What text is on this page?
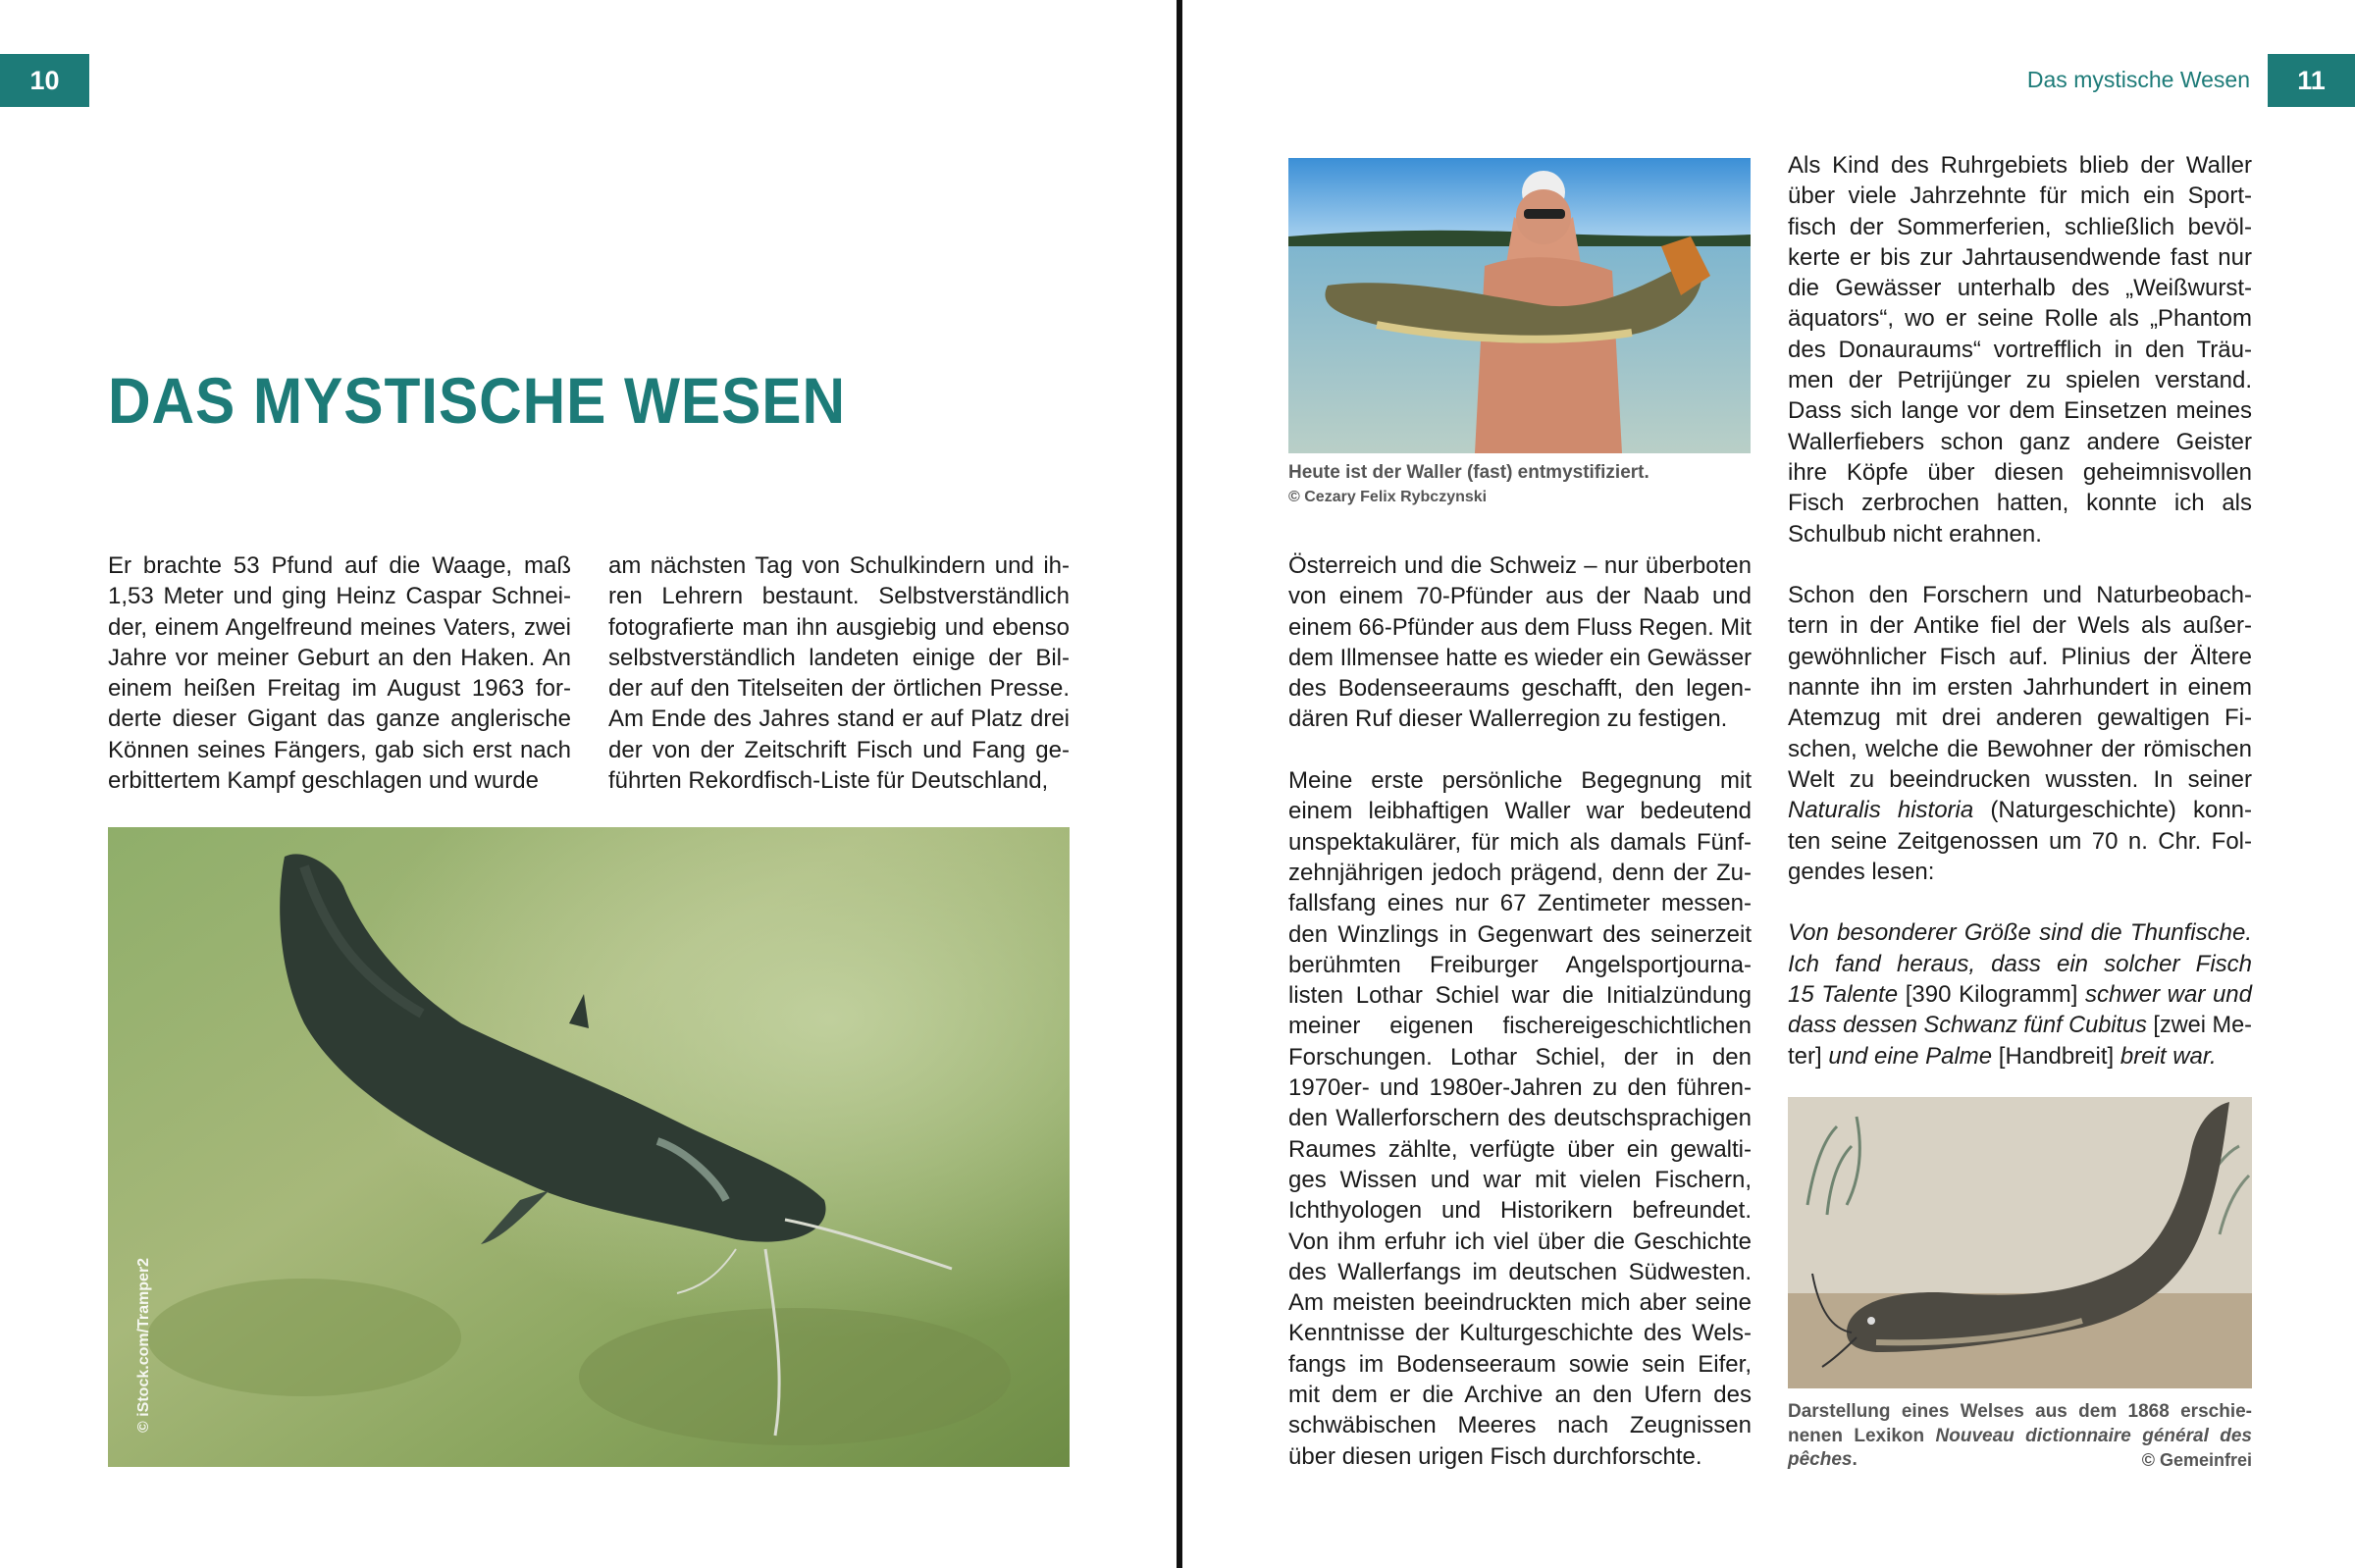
10	11
Das mystische Wesen
DAS MYSTISCHE WESEN
Er brachte 53 Pfund auf die Waage, maß
1,53 Meter und ging Heinz Caspar Schnei-
der, einem Angelfreund meines Vaters, zwei
Jahre vor meiner Geburt an den Haken. An
einem heißen Freitag im August 1963 for-
derte dieser Gigant das ganze anglerische
Können seines Fängers, gab sich erst nach
erbittertem Kampf geschlagen und wurde
am nächsten Tag von Schulkindern und ih-
ren Lehrern bestaunt. Selbstverständlich
fotografierte man ihn ausgiebig und ebenso
selbstverständlich landeten einige der Bil-
der auf den Titelseiten der örtlichen Presse.
Am Ende des Jahres stand er auf Platz drei
der von der Zeitschrift Fisch und Fang ge-
führten Rekordfisch-Liste für Deutschland,
© iStock.com/Tramper2
Heute ist der Waller (fast) entmystifiziert.
© Cezary Felix Rybczynski
Österreich und die Schweiz – nur überboten
von einem 70-Pfünder aus der Naab und
einem 66-Pfünder aus dem Fluss Regen. Mit
dem Illmensee hatte es wieder ein Gewässer
des Bodenseeraums geschafft, den legen-
dären Ruf dieser Wallerregion zu festigen.
Meine erste persönliche Begegnung mit
einem leibhaftigen Waller war bedeutend
unspektakulärer, für mich als damals Fünf-
zehnjährigen jedoch prägend, denn der Zu-
fallsfang eines nur 67 Zentimeter messen-
den Winzlings in Gegenwart des seinerzeit
berühmten Freiburger Angelsportjourna-
listen Lothar Schiel war die Initialzündung
meiner eigenen fischereigeschichtlichen
Forschungen. Lothar Schiel, der in den
1970er- und 1980er-Jahren zu den führen-
den Wallerforschern des deutschsprachigen
Raumes zählte, verfügte über ein gewalti-
ges Wissen und war mit vielen Fischern,
Ichthyologen und Historikern befreundet.
Von ihm erfuhr ich viel über die Geschichte
des Wallerfangs im deutschen Südwesten.
Am meisten beeindruckten mich aber seine
Kenntnisse der Kulturgeschichte des Wels-
fangs im Bodenseeraum sowie sein Eifer,
mit dem er die Archive an den Ufern des
schwäbischen Meeres nach Zeugnissen
über diesen urigen Fisch durchforschte.
Als Kind des Ruhrgebiets blieb der Waller
über viele Jahrzehnte für mich ein Sport-
fisch der Sommerferien, schließlich bevöl-
kerte er bis zur Jahrtausendwende fast nur
die Gewässer unterhalb des „Weißwurst-
äquators“, wo er seine Rolle als „Phantom
des Donauraums“ vortrefflich in den Träu-
men der Petrijünger zu spielen verstand.
Dass sich lange vor dem Einsetzen meines
Wallerfiebers schon ganz andere Geister
ihre Köpfe über diesen geheimnisvollen
Fisch zerbrochen hatten, konnte ich als
Schulbub nicht erahnen.
Schon den Forschern und Naturbeobach-
tern in der Antike fiel der Wels als außer-
gewöhnlicher Fisch auf. Plinius der Ältere
nannte ihn im ersten Jahrhundert in einem
Atemzug mit drei anderen gewaltigen Fi-
schen, welche die Bewohner der römischen
Welt zu beeindrucken wussten. In seiner
Naturalis historia (Naturgeschichte) konn-
ten seine Zeitgenossen um 70 n. Chr. Fol-
gendes lesen:
Von besonderer Größe sind die Thunfische.
Ich fand heraus, dass ein solcher Fisch
15 Talente [390 Kilogramm] schwer war und
dass dessen Schwanz fünf Cubitus [zwei Me-
ter] und eine Palme [Handbreit] breit war.
Darstellung eines Welses aus dem 1868 erschie-
nenen Lexikon Nouveau dictionnaire général des
pêches.	© Gemeinfrei
